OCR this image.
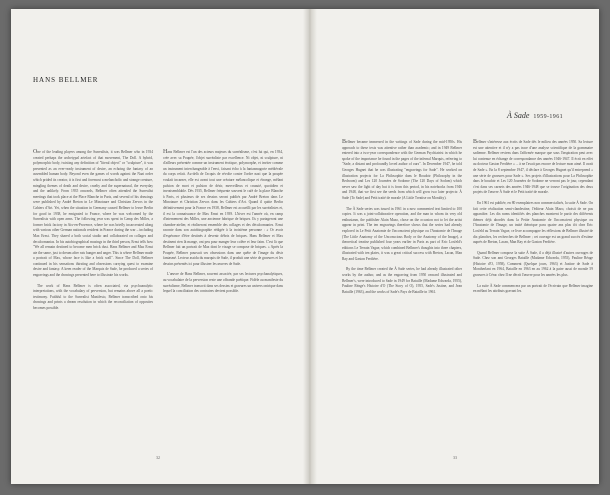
HANS BELLMER

One of the leading players among the Surrealists, it was Bellmer who in 1934 created perhaps the archetypal artefact of that movement, The Doll. A hybrid, polymorphic body, twisting any definition of "literal object" or "sculpture", it was presented as an ever-ready instrument of desire, an echoing the fantasy of an assembled human body. Beyond even the games of words against the Nazi order which prided its creator, it is first and foremost a melancholic and strange creature, mingling themes of death and desire, cruelty and the supernatural, the everyday and the unlikely. From 1935 onwards, Bellmer often attended the Surrealist meetings that took place at the Place Blanche in Paris, and several of his drawings were published by André Breton in Le Minotaure and Christian Zervos in the Cahiers d'Art. Yet, when the situation in Germany caused Bellmer to leave Berlin for good in 1938, he emigrated to France, where he was welcomed by the Surrealists with open arms. The following year was spent in Camp des Milles, a former brick factory in Aix-en-Provence, where he was briefly incarcerated along with various other German nationals resident in France during the war – including Max Ernst. They shared a both social studio and collaborated on collages and decalcomanias. In his autobiographical musings in the third person, Ernst tells how "We all remain destined to become men brick dust. Hans Bellmer and Max Ernst ate the same, just to dream after rats hunger and anger. This is where Bellmer made a portrait of Max, whose face is like a brick wall". Since The Doll, Bellmer continued in his sensations thirsting and obsessions carrying quest to examine desire and fantasy. A keen reader of the Marquis de Sade, he produced a series of engravings and the drawings presented here to illustrate his works.

The work of Hans Bellmer is often associated, via psychoanalytic interpretations, with the vocabulary of perversion, but remains above all a poetic testimony. Faithful to the Surrealist Manifesto, Bellmer transcribed onto his drawings and prints a dream resolution in which the reconciliation of opposites becomes possible.

Hans Bellmer est l'un des acteurs majeurs du surréalisme, c'est lui qui, en 1934, crée avec sa Poupée, l'objet surréaliste par excellence. Ni objet, ni sculpture, ni d'ailleurs présentée comme un instrument érotique, polymorphe, et inviter comme un instrument interchangeable à l'envi, faisant écho à la fantasmagorie médiévale du corps refait. Au-delà de l'acquis de révolte contre l'ordre nazi que la poupée voulait incarner, elle est avant tout une créature mélancolique et étrange, mêlant pulsion de mort et pulsion de désir, merveilleux et cruauté, quotidien et invraisemblable. Dès 1935, Bellmer fréquente souvent le café de la place Blanche à Paris, et plusieurs de ses dessins seront publiés par André Breton dans Le Minotaure et Christian Zervos dans les Cahiers d'Art. Quand il quitte Berlin définitivement pour la France en 1938, Bellmer est accueilli par les surréalistes et, il est la connaissance de Max Ernst en 1939. L'hiver est l'année où, en camp d'internement des Milles, une ancienne fabrique de briques. Ils y partageront une chambre-atelier, et réaliseront ensemble des collages et des décalcomanies. Ernst raconte dans son autobiographie rédigée à la troisième personne : « Or avoir il'espérance d'être destinés à devenir débris de briques. Hans Bellmer et Max destinent rien là mange, ont peu pour manger leur colère et leur faim. C'est là que Bellmer fait un portrait de Max dont le visage se compose de briques. » Après la Poupée, Bellmer poursuit ses obsessions dans une quête de l'image du désir fantasmé. Lecteur assidu du marquis de Sade, il produit une série de gravures et les dessins présentés ici pour illustrer les œuvres de Sade.

L'œuvre de Hans Bellmer, souvent associée, par ses lectures psychanalytiques, au vocabulaire de la perversion reste une offrande poétique. Fidèle au manifeste du surréalisme, Bellmer transcrit dans ses dessins et gravures un univers onirique dans lequel la conciliation des contraires devient possible.

32
À Sade 1959-1961

Bellmer became immersed in the writings of Sade during the mid-1950s. His approach to these texts was attentive rather than academic; and in 1949 Bellmer entered into a two-year correspondence with the German Psychiatrist in which he spoke of the importance he found in the pages of the infernal Marquis, referring to "Sade, a distant and profoundly loved author of ours". In December 1947, he told Georges Hugnet that he was illustrating "engravings for Sade". He worked on illustration projects for La Philosophie dans le Boudoir (Philosophy in the Bedroom) and Les 120 Journées de Sodome (The 120 Days of Sodom) which never saw the light of day but it is from this period, in his notebooks from 1946 and 1948, that we first see the seeds from which will grow two later projects: À Sade (To Sade) and Petit traité de morale (A Little Treatise on Morality).

The À Sade series was issued in 1961 in a now commented text limited to 100 copies. It was a joint-collaborative operation, and the man in whom its very old enthusiasm, the publisher Alain Mazo, chose on the occasion not to let the artist appear in print. The ten engravings therefore shows that the series had already explored in Le Petit Anatomie de l'inconscient physique ou l'Anatomie de l'Image (The Little Anatomy of the Unconscious Body or the Anatomy of the Image), a theoretical treatise published four years earlier in Paris as part of Eric Losfeld's editions Le Terrain Vague, which combined Bellmer's thoughts into three chapters, illustrated with ten plates, it was a great critical success with Breton, Lacan, Man Ray and Gaston Ferdière.

By the time Bellmer created the À Sade series, he had already illustrated other works by the author, and as the engraving from 1950 onward illustrated and Bellmer's, were introduced to Sade in 1949 for Bataille (Madame Edwarda, 1955), Pauline Réage's Histoire d'O (The Story of O), 1955, Sade's Justine, and Jean Bataille (1963), and the works of Sade's Pays de Bataille in 1961.

Bellmer s'intéresse aux écrits de Sade dès le milieu des années 1950. Sa lecture est une attentive et il n'y a pas trace d'une analyse scientifique de la grammaire sadienne. Bellmer reviens dans l'affirmée marque que sous l'inspiration peut avec lui contenue en échange de correspondance des années 1946-1947. Il écrit en effet au docteur Gaston Ferdière « ... à ne l'avait pas encore de lecture mon aimé. Il avait de Sade ». En la 8 septembre 1947, il déclare à Georges Hugnet qu'il entreprend « une série de gravures pour Sade ». Ses projets d'illustrations pour La Philosophie dans le boudoir et Les 120 Journées de Sodome ne verront pas le jour, cependant c'est dans ses carnets des années 1946-1948 que se trouve l'origination des deux projets de l'œuvre À Sade et le Petit traité de morale.

En 1961 est publiée, en 80 exemplaires non commercialisés, la suite À Sade. On fait cette réalisation semi-clandestine, l'éditeur Alain Mazo, choisit de ne pas apparaître. Les dix noms identifiés des planches montrent le partir des différents thèmes déjà abordés dans la Petite Anatomie de l'inconscient physique ou l'Anatomie de l'Image, un traité théorique paru quatre ans plus tôt chez Eric Losfeld au Terrain Vague, ce livre accompagne les réflexions de Bellmer illustré de dix planches, les recherches de Bellmer ; cet ouvrage est un grand succès d'estime auprès de Breton, Lacan, Man Ray et de Gaston Ferdière.

Quand Bellmer compose la suite À Sade, il a déjà illustré d'autres ouvrages de Sade. Chez son ami Georges Bataille (Madame Edwarda, 1955), Pauline Réage (Histoire d'O, 1958), Comment (Quelque jours, 1963) et Justine de Sade à Montherlant en 1964, Bataille en 1963 en au 1962 à la paire aussi de morale 59 gravures à Cérac chez Il ne décrit l'œuvre pour les années les plus.

La suite À Sade commencera par un portrait de l'écrivain que Bellmer imagine en mêlant les attributs gravant les.

33
